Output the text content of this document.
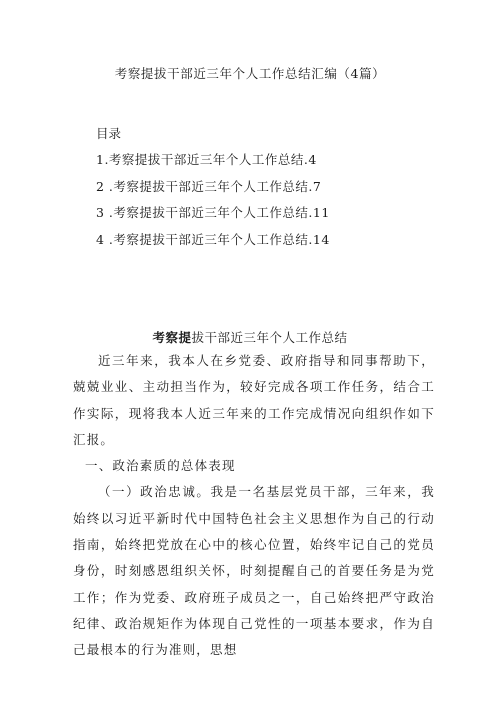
考察提拔干部近三年个人工作总结汇编（4篇）
目录
1.考察提拔干部近三年个人工作总结.4
2 .考察提拔干部近三年个人工作总结.7
3 .考察提拔干部近三年个人工作总结.11
4 .考察提拔干部近三年个人工作总结.14
考察提拔干部近三年个人工作总结

近三年来，我本人在乡党委、政府指导和同事帮助下，兢兢业业、主动担当作为，较好完成各项工作任务，结合工作实际，现将我本人近三年来的工作完成情况向组织作如下汇报。

一、政治素质的总体表现

（一）政治忠诚。我是一名基层党员干部，三年来，我始终以习近平新时代中国特色社会主义思想作为自己的行动指南，始终把党放在心中的核心位置，始终牢记自己的党员身份，时刻感恩组织关怀，时刻提醒自己的首要任务是为党工作；作为党委、政府班子成员之一，自己始终把严守政治纪律、政治规矩作为体现自己党性的一项基本要求，作为自己最根本的行为准则，思想
